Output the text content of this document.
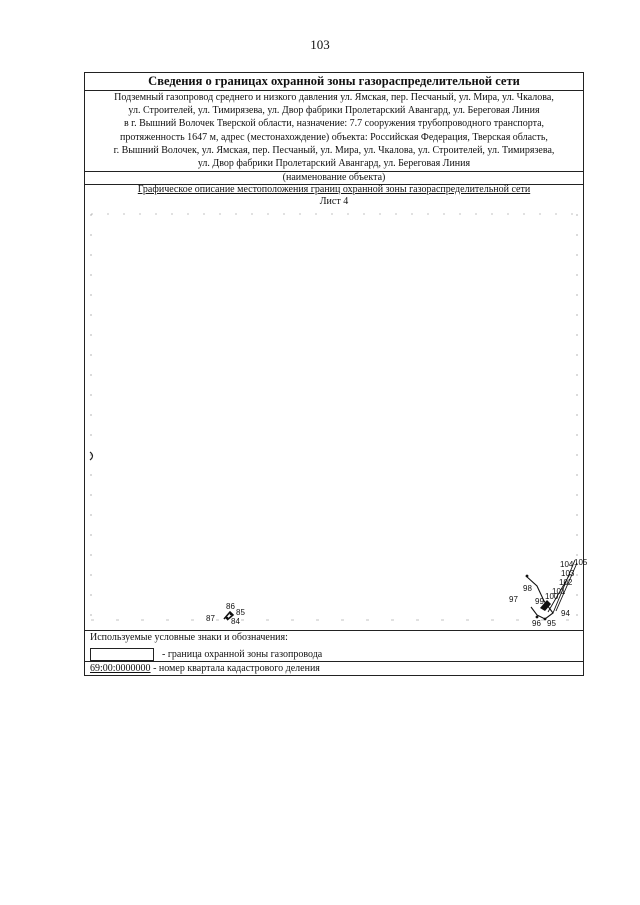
103
Сведения о границах охранной зоны газораспределительной сети
Подземный газопровод среднего и низкого давления ул. Ямская, пер. Песчаный, ул. Мира, ул. Чкалова,
ул. Строителей, ул. Тимирязева, ул. Двор фабрики Пролетарский Авангард, ул. Береговая Линия
в г. Вышний Волочек Тверской области, назначение: 7.7 сооружения трубопроводного транспорта,
протяженность 1647 м, адрес (местонахождение) объекта: Российская Федерация, Тверская область,
г. Вышний Волочек, ул. Ямская, пер. Песчаный, ул. Мира, ул. Чкалова, ул. Строителей, ул. Тимирязева,
ул. Двор фабрики Пролетарский Авангард, ул. Береговая Линия
(наименование объекта)
Графическое описание местоположения границ охранной зоны газораспределительной сети
Лист 4
86
85
87 84
104 105
103
102
101
98
97 99
100
94
96 95
Используемые условные знаки и обозначения:
- граница охранной зоны газопровода
69:00:0000000 - номер квартала кадастрового деления
